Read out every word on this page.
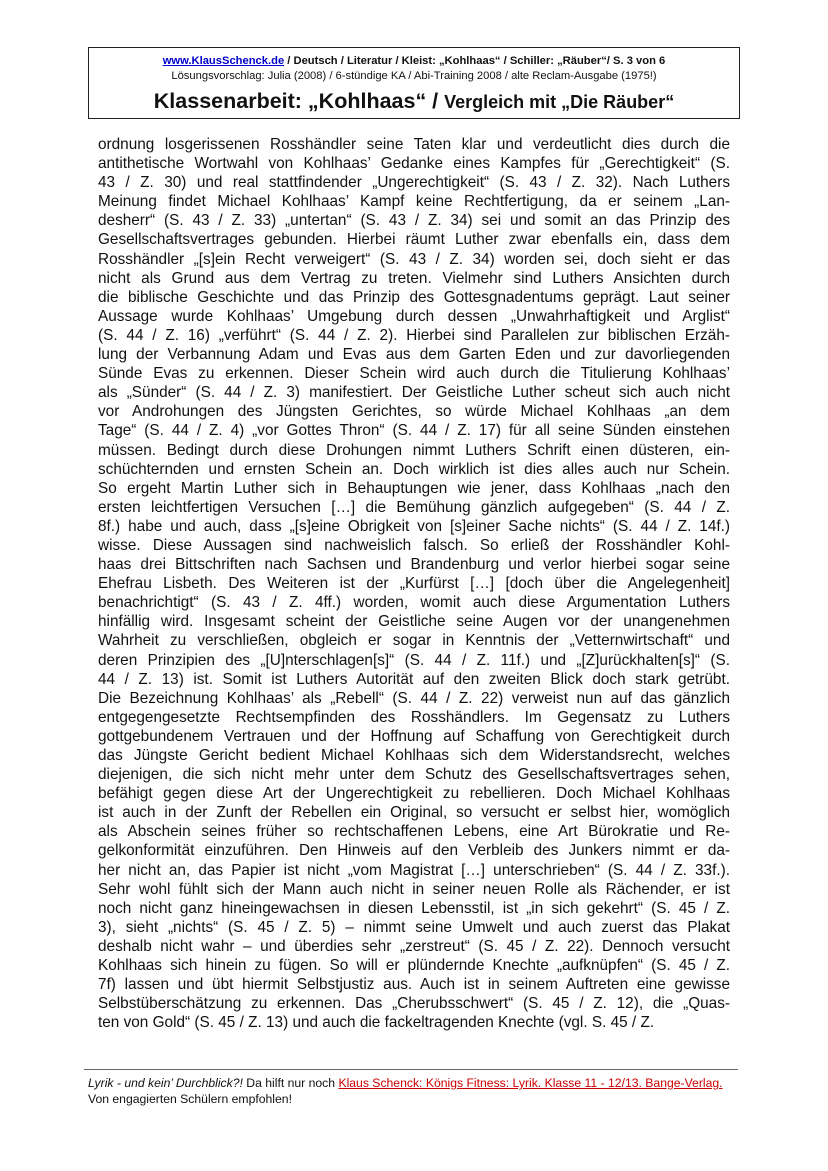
www.KlausSchenck.de / Deutsch / Literatur / Kleist: „Kohlhaas“ / Schiller: „Räuber“/ S. 3 von 6
Lösungsvorschlag: Julia (2008) / 6-stündige KA / Abi-Training 2008 / alte Reclam-Ausgabe (1975!)
Klassenarbeit: „Kohlhaas“ / Vergleich mit „Die Räuber“
ordnung losgerissenen Rosshändler seine Taten klar und verdeutlicht dies durch die
antithetische Wortwahl von Kohlhaas’ Gedanke eines Kampfes für „Gerechtigkeit“ (S.
43 / Z. 30) und real stattfindender „Ungerechtigkeit“ (S. 43 / Z. 32). Nach Luthers
Meinung findet Michael Kohlhaas’ Kampf keine Rechtfertigung, da er seinem „Lan-
desherr“ (S. 43 / Z. 33) „untertan“ (S. 43 / Z. 34) sei und somit an das Prinzip des
Gesellschaftsvertrages gebunden. Hierbei räumt Luther zwar ebenfalls ein, dass dem
Rosshändler „[s]ein Recht verweigert“ (S. 43 / Z. 34) worden sei, doch sieht er das
nicht als Grund aus dem Vertrag zu treten. Vielmehr sind Luthers Ansichten durch
die biblische Geschichte und das Prinzip des Gottesgnadentums geprägt. Laut seiner
Aussage wurde Kohlhaas’ Umgebung durch dessen „Unwahrhaftigkeit und Arglist“
(S. 44 / Z. 16) „verführt“ (S. 44 / Z. 2). Hierbei sind Parallelen zur biblischen Erzäh-
lung der Verbannung Adam und Evas aus dem Garten Eden und zur davorliegenden
Sünde Evas zu erkennen. Dieser Schein wird auch durch die Titulierung Kohlhaas’
als „Sünder“ (S. 44 / Z. 3) manifestiert. Der Geistliche Luther scheut sich auch nicht
vor Androhungen des Jüngsten Gerichtes, so würde Michael Kohlhaas „an dem
Tage“ (S. 44 / Z. 4) „vor Gottes Thron“ (S. 44 / Z. 17) für all seine Sünden einstehen
müssen. Bedingt durch diese Drohungen nimmt Luthers Schrift einen düsteren, ein-
schüchternden und ernsten Schein an. Doch wirklich ist dies alles auch nur Schein.
So ergeht Martin Luther sich in Behauptungen wie jener, dass Kohlhaas „nach den
ersten leichtfertigen Versuchen […] die Bemühung gänzlich aufgegeben“ (S. 44 / Z.
8f.) habe und auch, dass „[s]eine Obrigkeit von [s]einer Sache nichts“ (S. 44 / Z. 14f.)
wisse. Diese Aussagen sind nachweislich falsch. So erließ der Rosshändler Kohl-
haas drei Bittschriften nach Sachsen und Brandenburg und verlor hierbei sogar seine
Ehefrau Lisbeth. Des Weiteren ist der „Kurfürst […] [doch über die Angelegenheit]
benachrichtigt“ (S. 43 / Z. 4ff.) worden, womit auch diese Argumentation Luthers
hinfällig wird. Insgesamt scheint der Geistliche seine Augen vor der unangenehmen
Wahrheit zu verschließen, obgleich er sogar in Kenntnis der „Vetternwirtschaft“ und
deren Prinzipien des „[U]nterschlagen[s]“ (S. 44 / Z. 11f.) und „[Z]urückhalten[s]“ (S.
44 / Z. 13) ist. Somit ist Luthers Autorität auf den zweiten Blick doch stark getrübt.
Die Bezeichnung Kohlhaas’ als „Rebell“ (S. 44 / Z. 22) verweist nun auf das gänzlich
entgegengesetzte Rechtsempfinden des Rosshändlers. Im Gegensatz zu Luthers
gottgebundenem Vertrauen und der Hoffnung auf Schaffung von Gerechtigkeit durch
das Jüngste Gericht bedient Michael Kohlhaas sich dem Widerstandsrecht, welches
diejenigen, die sich nicht mehr unter dem Schutz des Gesellschaftsvertrages sehen,
befähigt gegen diese Art der Ungerechtigkeit zu rebellieren. Doch Michael Kohlhaas
ist auch in der Zunft der Rebellen ein Original, so versucht er selbst hier, womöglich
als Abschein seines früher so rechtschaffenen Lebens, eine Art Bürokratie und Re-
gelkonformität einzuführen. Den Hinweis auf den Verbleib des Junkers nimmt er da-
her nicht an, das Papier ist nicht „vom Magistrat […] unterschrieben“ (S. 44 / Z. 33f.).
Sehr wohl fühlt sich der Mann auch nicht in seiner neuen Rolle als Rächender, er ist
noch nicht ganz hineingewachsen in diesen Lebensstil, ist „in sich gekehrt“ (S. 45 / Z.
3), sieht „nichts“ (S. 45 / Z. 5) – nimmt seine Umwelt und auch zuerst das Plakat
deshalb nicht wahr – und überdies sehr „zerstreut“ (S. 45 / Z. 22). Dennoch versucht
Kohlhaas sich hinein zu fügen. So will er plündernde Knechte „aufknüpfen“ (S. 45 / Z.
7f) lassen und übt hiermit Selbstjustiz aus. Auch ist in seinem Auftreten eine gewisse
Selbstüberschätzung zu erkennen. Das „Cherubsschwert“ (S. 45 / Z. 12), die „Quas-
ten von Gold“ (S. 45 / Z. 13) und auch die fackeltragenden Knechte (vgl. S. 45 / Z.
Lyrik - und kein’ Durchblick?! Da hilft nur noch Klaus Schenck: Königs Fitness: Lyrik. Klasse 11 - 12/13. Bange-Verlag. Von engagierten Schülern empfohlen!
